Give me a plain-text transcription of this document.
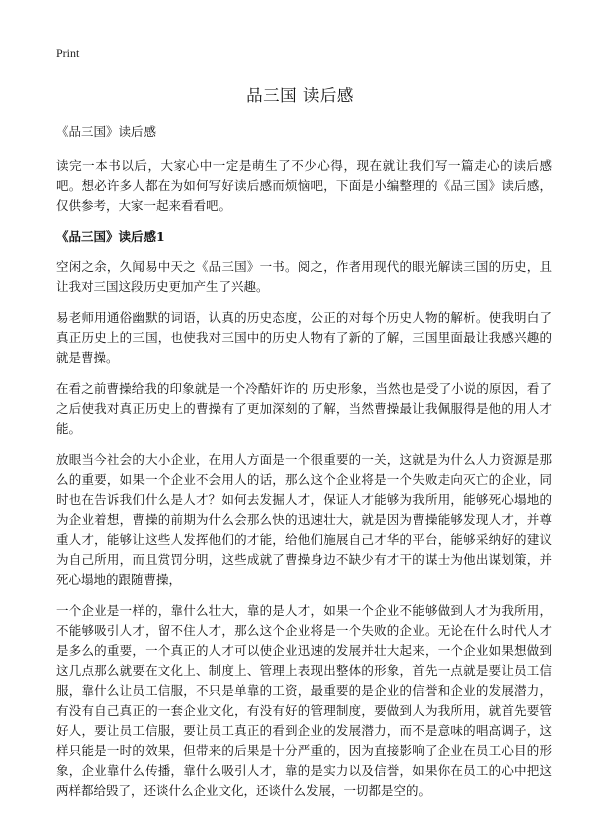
Print
品三国 读后感

《品三国》读后感

读完一本书以后，大家心中一定是萌生了不少心得，现在就让我们写一篇走心的读后感吧。想必许多人都在为如何写好读后感而烦恼吧，下面是小编整理的《品三国》读后感，仅供参考，大家一起来看看吧。

《品三国》读后感1

空闲之余，久闻易中天之《品三国》一书。阅之，作者用现代的眼光解读三国的历史，且让我对三国这段历史更加产生了兴趣。

易老师用通俗幽默的词语，认真的历史态度，公正的对每个历史人物的解析。使我明白了真正历史上的三国，也使我对三国中的历史人物有了新的了解，三国里面最让我感兴趣的就是曹操。

在看之前曹操给我的印象就是一个冷酷奸诈的 历史形象，当然也是受了小说的原因，看了之后使我对真正历史上的曹操有了更加深刻的了解，当然曹操最让我佩服得是他的用人才能。

放眼当今社会的大小企业，在用人方面是一个很重要的一关，这就是为什么人力资源是那么的重要，如果一个企业不会用人的话，那么这个企业将是一个失败走向灭亡的企业，同时也在告诉我们什么是人才？如何去发掘人才，保证人才能够为我所用，能够死心塌地的为企业着想，曹操的前期为什么会那么快的迅速壮大，就是因为曹操能够发现人才，并尊重人才，能够让这些人发挥他们的才能，给他们施展自己才华的平台，能够采纳好的建议为自己所用，而且赏罚分明，这些成就了曹操身边不缺少有才干的谋士为他出谋划策，并死心塌地的跟随曹操，

一个企业是一样的，靠什么壮大，靠的是人才，如果一个企业不能够做到人才为我所用，不能够吸引人才，留不住人才，那么这个企业将是一个失败的企业。无论在什么时代人才是多么的重要，一个真正的人才可以使企业迅速的发展并壮大起来，一个企业如果想做到这几点那么就要在文化上、制度上、管理上表现出整体的形象，首先一点就是要让员工信服，靠什么让员工信服，不只是单靠的工资，最重要的是企业的信誉和企业的发展潜力，有没有自己真正的一套企业文化，有没有好的管理制度，要做到人为我所用，就首先要管好人，要让员工信服，要让员工真正的看到企业的发展潜力，而不是意味的唱高调子，这样只能是一时的效果，但带来的后果是十分严重的，因为直接影响了企业在员工心目的形象，企业靠什么传播，靠什么吸引人才，靠的是实力以及信誉，如果你在员工的心中把这两样都给毁了，还谈什么企业文化，还谈什么发展，一切都是空的。
